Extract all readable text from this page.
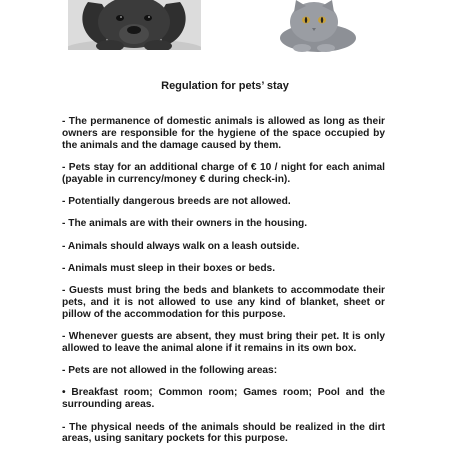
Regulation for pets’ stay

- The permanence of domestic animals is allowed as long as their owners are responsible for the hygiene of the space occupied by the animals and the damage caused by them.

- Pets stay for an additional charge of € 10 / night for each animal (payable in currency/money € during check-in).

- Potentially dangerous breeds are not allowed.

- The animals are with their owners in the housing.

- Animals should always walk on a leash outside.

- Animals must sleep in their boxes or beds.

- Guests must bring the beds and blankets to accommodate their pets, and it is not allowed to use any kind of blanket, sheet or pillow of the accommodation for this purpose.

- Whenever guests are absent, they must bring their pet. It is only allowed to leave the animal alone if it remains in its own box.

- Pets are not allowed in the following areas:

• Breakfast room; Common room; Games room; Pool and the surrounding areas.

- The physical needs of the animals should be realized in the dirt areas, using sanitary pockets for this purpose.
